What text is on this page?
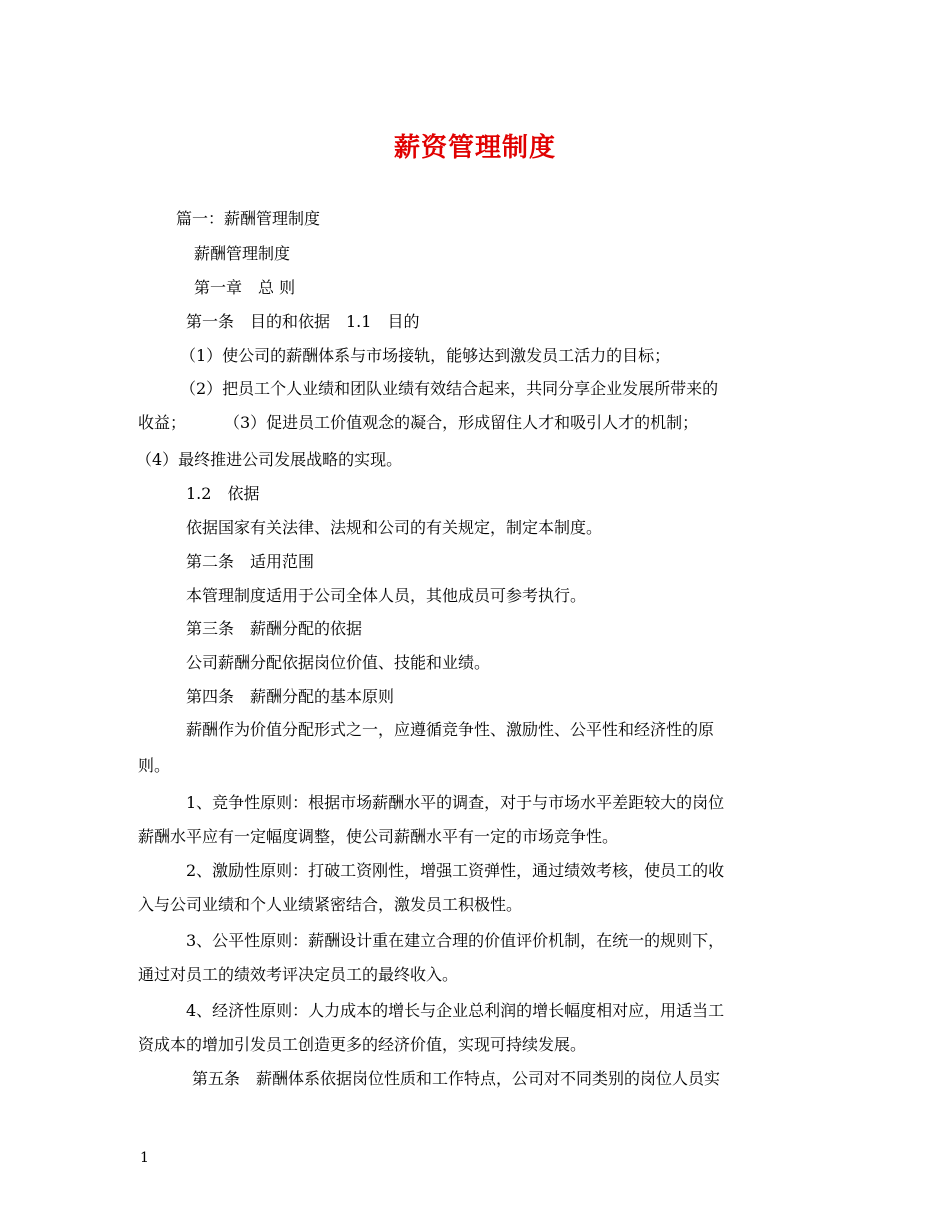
薪资管理制度
篇一：薪酬管理制度
薪酬管理制度
第一章　总 则
第一条　目的和依据　1.1　目的
（1）使公司的薪酬体系与市场接轨，能够达到激发员工活力的目标；
（2）把员工个人业绩和团队业绩有效结合起来，共同分享企业发展所带来的
收益； （3）促进员工价值观念的凝合，形成留住人才和吸引人才的机制；
（4）最终推进公司发展战略的实现。
1.2　依据
依据国家有关法律、法规和公司的有关规定，制定本制度。
第二条　适用范围
本管理制度适用于公司全体人员，其他成员可参考执行。
第三条　薪酬分配的依据
公司薪酬分配依据岗位价值、技能和业绩。
第四条　薪酬分配的基本原则
薪酬作为价值分配形式之一，应遵循竞争性、激励性、公平性和经济性的原
则。
1、竞争性原则：根据市场薪酬水平的调查，对于与市场水平差距较大的岗位
薪酬水平应有一定幅度调整，使公司薪酬水平有一定的市场竞争性。
2、激励性原则：打破工资刚性，增强工资弹性，通过绩效考核，使员工的收
入与公司业绩和个人业绩紧密结合，激发员工积极性。
3、公平性原则：薪酬设计重在建立合理的价值评价机制，在统一的规则下，
通过对员工的绩效考评决定员工的最终收入。
4、经济性原则：人力成本的增长与企业总利润的增长幅度相对应，用适当工
资成本的增加引发员工创造更多的经济价值，实现可持续发展。
第五条　薪酬体系依据岗位性质和工作特点，公司对不同类别的岗位人员实
1
